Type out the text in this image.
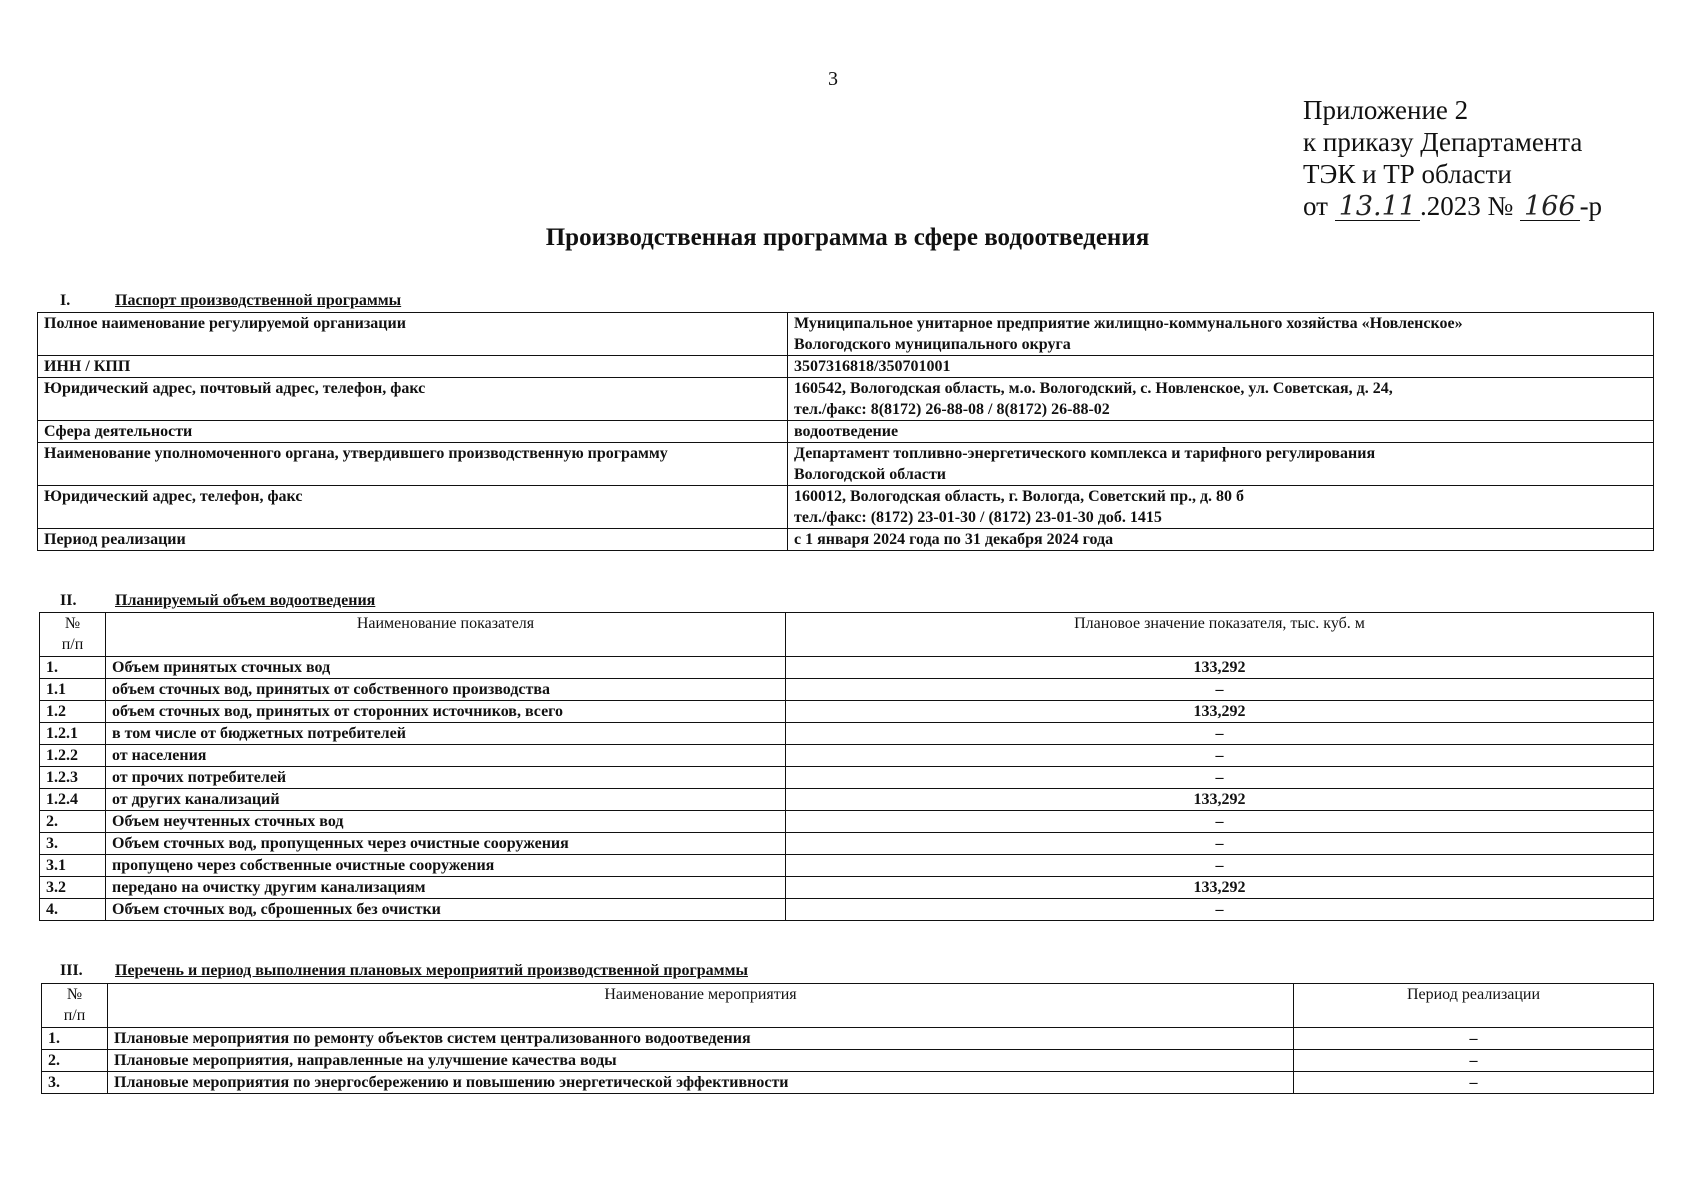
3
Приложение 2
к приказу Департамента
ТЭК и ТР области
от 13.11 .2023 № 166 -р
Производственная программа в сфере водоотведения
I.	Паспорт производственной программы
Полное наименование регулируемой организации	Муниципальное унитарное предприятие жилищно-коммунального хозяйства «Новленское»
Вологодского муниципального округа
ИНН / КПП	3507316818/350701001
Юридический адрес, почтовый адрес, телефон, факс	160542, Вологодская область, м.о. Вологодский, с. Новленское, ул. Советская, д. 24,
тел./факс: 8(8172) 26-88-08 / 8(8172) 26-88-02
Сфера деятельности	водоотведение
Наименование уполномоченного органа, утвердившего производственную программу	Департамент топливно-энергетического комплекса и тарифного регулирования
Вологодской области
Юридический адрес, телефон, факс	160012, Вологодская область, г. Вологда, Советский пр., д. 80 б
тел./факс: (8172) 23-01-30 / (8172) 23-01-30 доб. 1415
Период реализации	с 1 января 2024 года по 31 декабря 2024 года
II. Планируемый объем водоотведения
№
п/п	Наименование показателя	Плановое значение показателя, тыс. куб. м
1.	Объем принятых сточных вод	133,292
1.1	объем сточных вод, принятых от собственного производства	–
1.2	объем сточных вод, принятых от сторонних источников, всего	133,292
1.2.1	в том числе от бюджетных потребителей	–
1.2.2	от населения	–
1.2.3	от прочих потребителей	–
1.2.4	от других канализаций	133,292
2.	Объем неучтенных сточных вод	–
3.	Объем сточных вод, пропущенных через очистные сооружения	–
3.1	пропущено через собственные очистные сооружения	–
3.2	передано на очистку другим канализациям	133,292
4.	Объем сточных вод, сброшенных без очистки	–
III. Перечень и период выполнения плановых мероприятий производственной программы
№
п/п	Наименование мероприятия	Период реализации
1.	Плановые мероприятия по ремонту объектов систем централизованного водоотведения	–
2.	Плановые мероприятия, направленные на улучшение качества воды	–
3.	Плановые мероприятия по энергосбережению и повышению энергетической эффективности	–
